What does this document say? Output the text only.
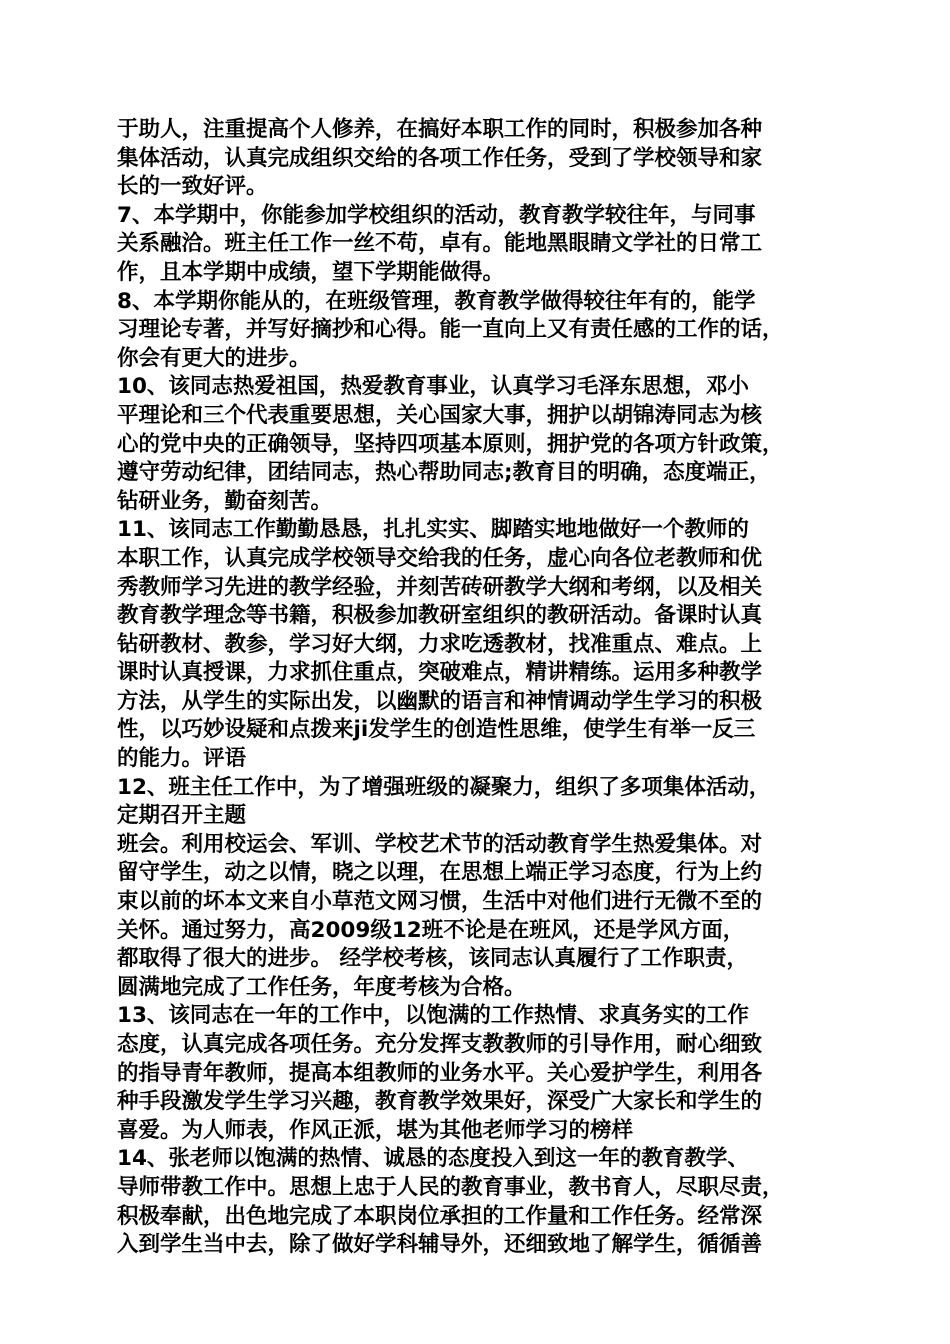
于助人，注重提高个人修养，在搞好本职工作的同时，积极参加各种
集体活动，认真完成组织交给的各项工作任务，受到了学校领导和家
长的一致好评。
7、本学期中，你能参加学校组织的活动，教育教学较往年，与同事
关系融洽。班主任工作一丝不苟，卓有。能地黑眼睛文学社的日常工
作，且本学期中成绩，望下学期能做得。
8、本学期你能从的，在班级管理，教育教学做得较往年有的，能学
习理论专著，并写好摘抄和心得。能一直向上又有责任感的工作的话，
你会有更大的进步。
10、该同志热爱祖国，热爱教育事业，认真学习毛泽东思想，邓小
平理论和三个代表重要思想，关心国家大事，拥护以胡锦涛同志为核
心的党中央的正确领导，坚持四项基本原则，拥护党的各项方针政策，
遵守劳动纪律，团结同志，热心帮助同志;教育目的明确，态度端正，
钻研业务，勤奋刻苦。
11、该同志工作勤勤恳恳，扎扎实实、脚踏实地地做好一个教师的
本职工作，认真完成学校领导交给我的任务，虚心向各位老教师和优
秀教师学习先进的教学经验，并刻苦砖研教学大纲和考纲，以及相关
教育教学理念等书籍，积极参加教研室组织的教研活动。备课时认真
钻研教材、教参，学习好大纲，力求吃透教材，找准重点、难点。上
课时认真授课，力求抓住重点，突破难点，精讲精练。运用多种教学
方法，从学生的实际出发，以幽默的语言和神情调动学生学习的积极
性，以巧妙设疑和点拨来ji发学生的创造性思维，使学生有举一反三
的能力。评语
12、班主任工作中，为了增强班级的凝聚力，组织了多项集体活动，
定期召开主题
班会。利用校运会、军训、学校艺术节的活动教育学生热爱集体。对
留守学生，动之以情，晓之以理，在思想上端正学习态度，行为上约
束以前的坏本文来自小草范文网习惯，生活中对他们进行无微不至的
关怀。通过努力，高2009级12班不论是在班风，还是学风方面，
都取得了很大的进步。 经学校考核，该同志认真履行了工作职责，
圆满地完成了工作任务，年度考核为合格。
13、该同志在一年的工作中，以饱满的工作热情、求真务实的工作
态度，认真完成各项任务。充分发挥支教教师的引导作用，耐心细致
的指导青年教师，提高本组教师的业务水平。关心爱护学生，利用各
种手段激发学生学习兴趣，教育教学效果好，深受广大家长和学生的
喜爱。为人师表，作风正派，堪为其他老师学习的榜样
14、张老师以饱满的热情、诚恳的态度投入到这一年的教育教学、
导师带教工作中。思想上忠于人民的教育事业，教书育人，尽职尽责，
积极奉献，出色地完成了本职岗位承担的工作量和工作任务。经常深
入到学生当中去，除了做好学科辅导外，还细致地了解学生，循循善
